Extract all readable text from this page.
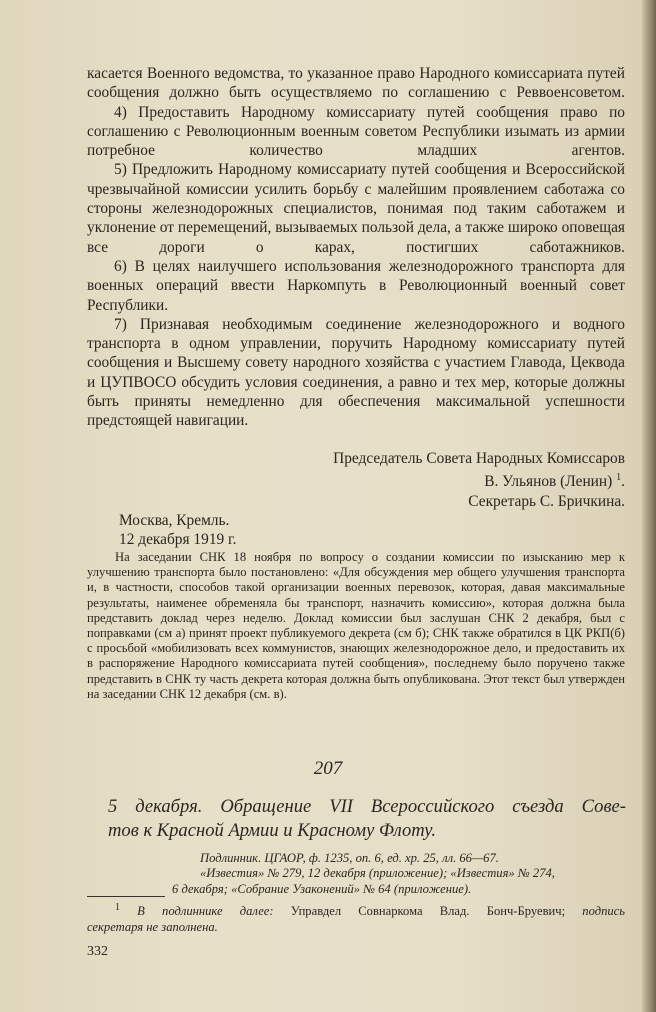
касается Военного ведомства, то указанное право Народного комиссариата путей сообщения должно быть осуществляемо по соглашению с Реввоенсоветом.

4) Предоставить Народному комиссариату путей сообщения право по соглашению с Революционным военным советом Республики изымать из армии потребное количество младших агентов.

5) Предложить Народному комиссариату путей сообщения и Всероссийской чрезвычайной комиссии усилить борьбу с малейшим проявлением саботажа со стороны железнодорожных специалистов, понимая под таким саботажем и уклонение от перемещений, вызываемых пользой дела, а также широко оповещая все дороги о карах, постигших саботажников.

6) В целях наилучшего использования железнодорожного транспорта для военных операций ввести Наркомпуть в Революционный военный совет Республики.

7) Признавая необходимым соединение железнодорожного и водного транспорта в одном управлении, поручить Народному комиссариату путей сообщения и Высшему совету народного хозяйства с участием Главода, Цекводa и ЦУПВОСО обсудить условия соединения, а равно и тех мер, которые должны быть приняты немедленно для обеспечения максимальной успешности предстоящей навигации.

Председатель Совета Народных Комиссаров
В. Ульянов (Ленин) $^1$.
Секретарь С. Бричкина.
Москва, Кремль.
12 декабря 1919 г.

На заседании СНК 18 ноября по вопросу о создании комиссии по изысканию мер к улучшению транспорта было постановлено: «Для обсуждения мер общего улучшения транспорта и, в частности, способов такой организации военных перевозок, которая, давая максимальные результаты, наименее обременяла бы транспорт, назначить комиссию», которая должна была представить доклад через неделю. Доклад комиссии был заслушан СНК 2 декабря, был с поправками (см а) принят проект публикуемого декрета (см б); СНК также обратился в ЦК РКП(б) с просьбой «мобилизовать всех коммунистов, знающих железнодорожное дело, и предоставить их в распоряжение Народного комиссариата путей сообщения», последнему было поручено также представить в СНК ту часть декрета которая должна быть опубликована. Этот текст был утвержден на заседании СНК 12 декабря (см. в).

207

5 декабря. Обращение VII Всероссийского съезда Сове-

тов к Красной Армии и Красному Флоту.

Подлинник. ЦГАОР, ф. 1235, оп. 6, ед. хр. 25, лл. 66—67.

«Известия» № 279, 12 декабря (приложение); «Известия» № 274,

6 декабря; «Собрание Узаконений» № 64 (приложение).

$^1$ В подлиннике далее: Управдел Совнаркома Влад. Бонч-Бруевич; подпись

секретаря не заполнена.

332
